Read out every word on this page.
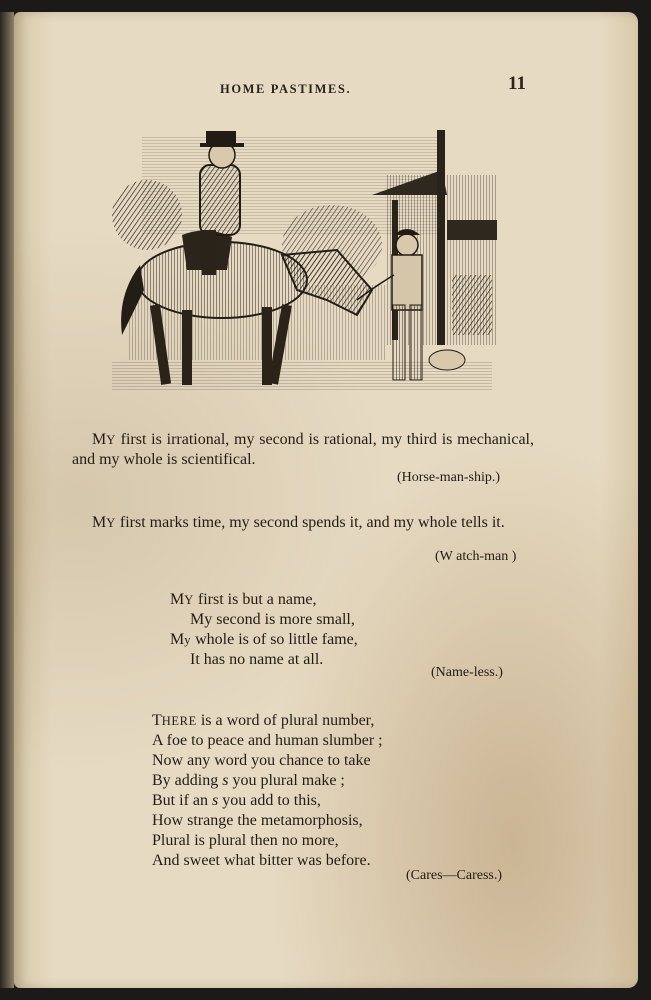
HOME PASTIMES.	11
MY first is irrational, my second is rational, my third is mechanical, and my whole is scientifical.
(Horse-man-ship.)
MY first marks time, my second spends it, and my whole tells it.
(W atch-man )
MY first is but a name,
My second is more small,
My whole is of so little fame,
It has no name at all.
(Name-less.)
THERE is a word of plural number,
A foe to peace and human slumber ;
Now any word you chance to take
By adding s you plural make ;
But if an s you add to this,
How strange the metamorphosis,
Plural is plural then no more,
And sweet what bitter was before.
(Cares—Caress.)
